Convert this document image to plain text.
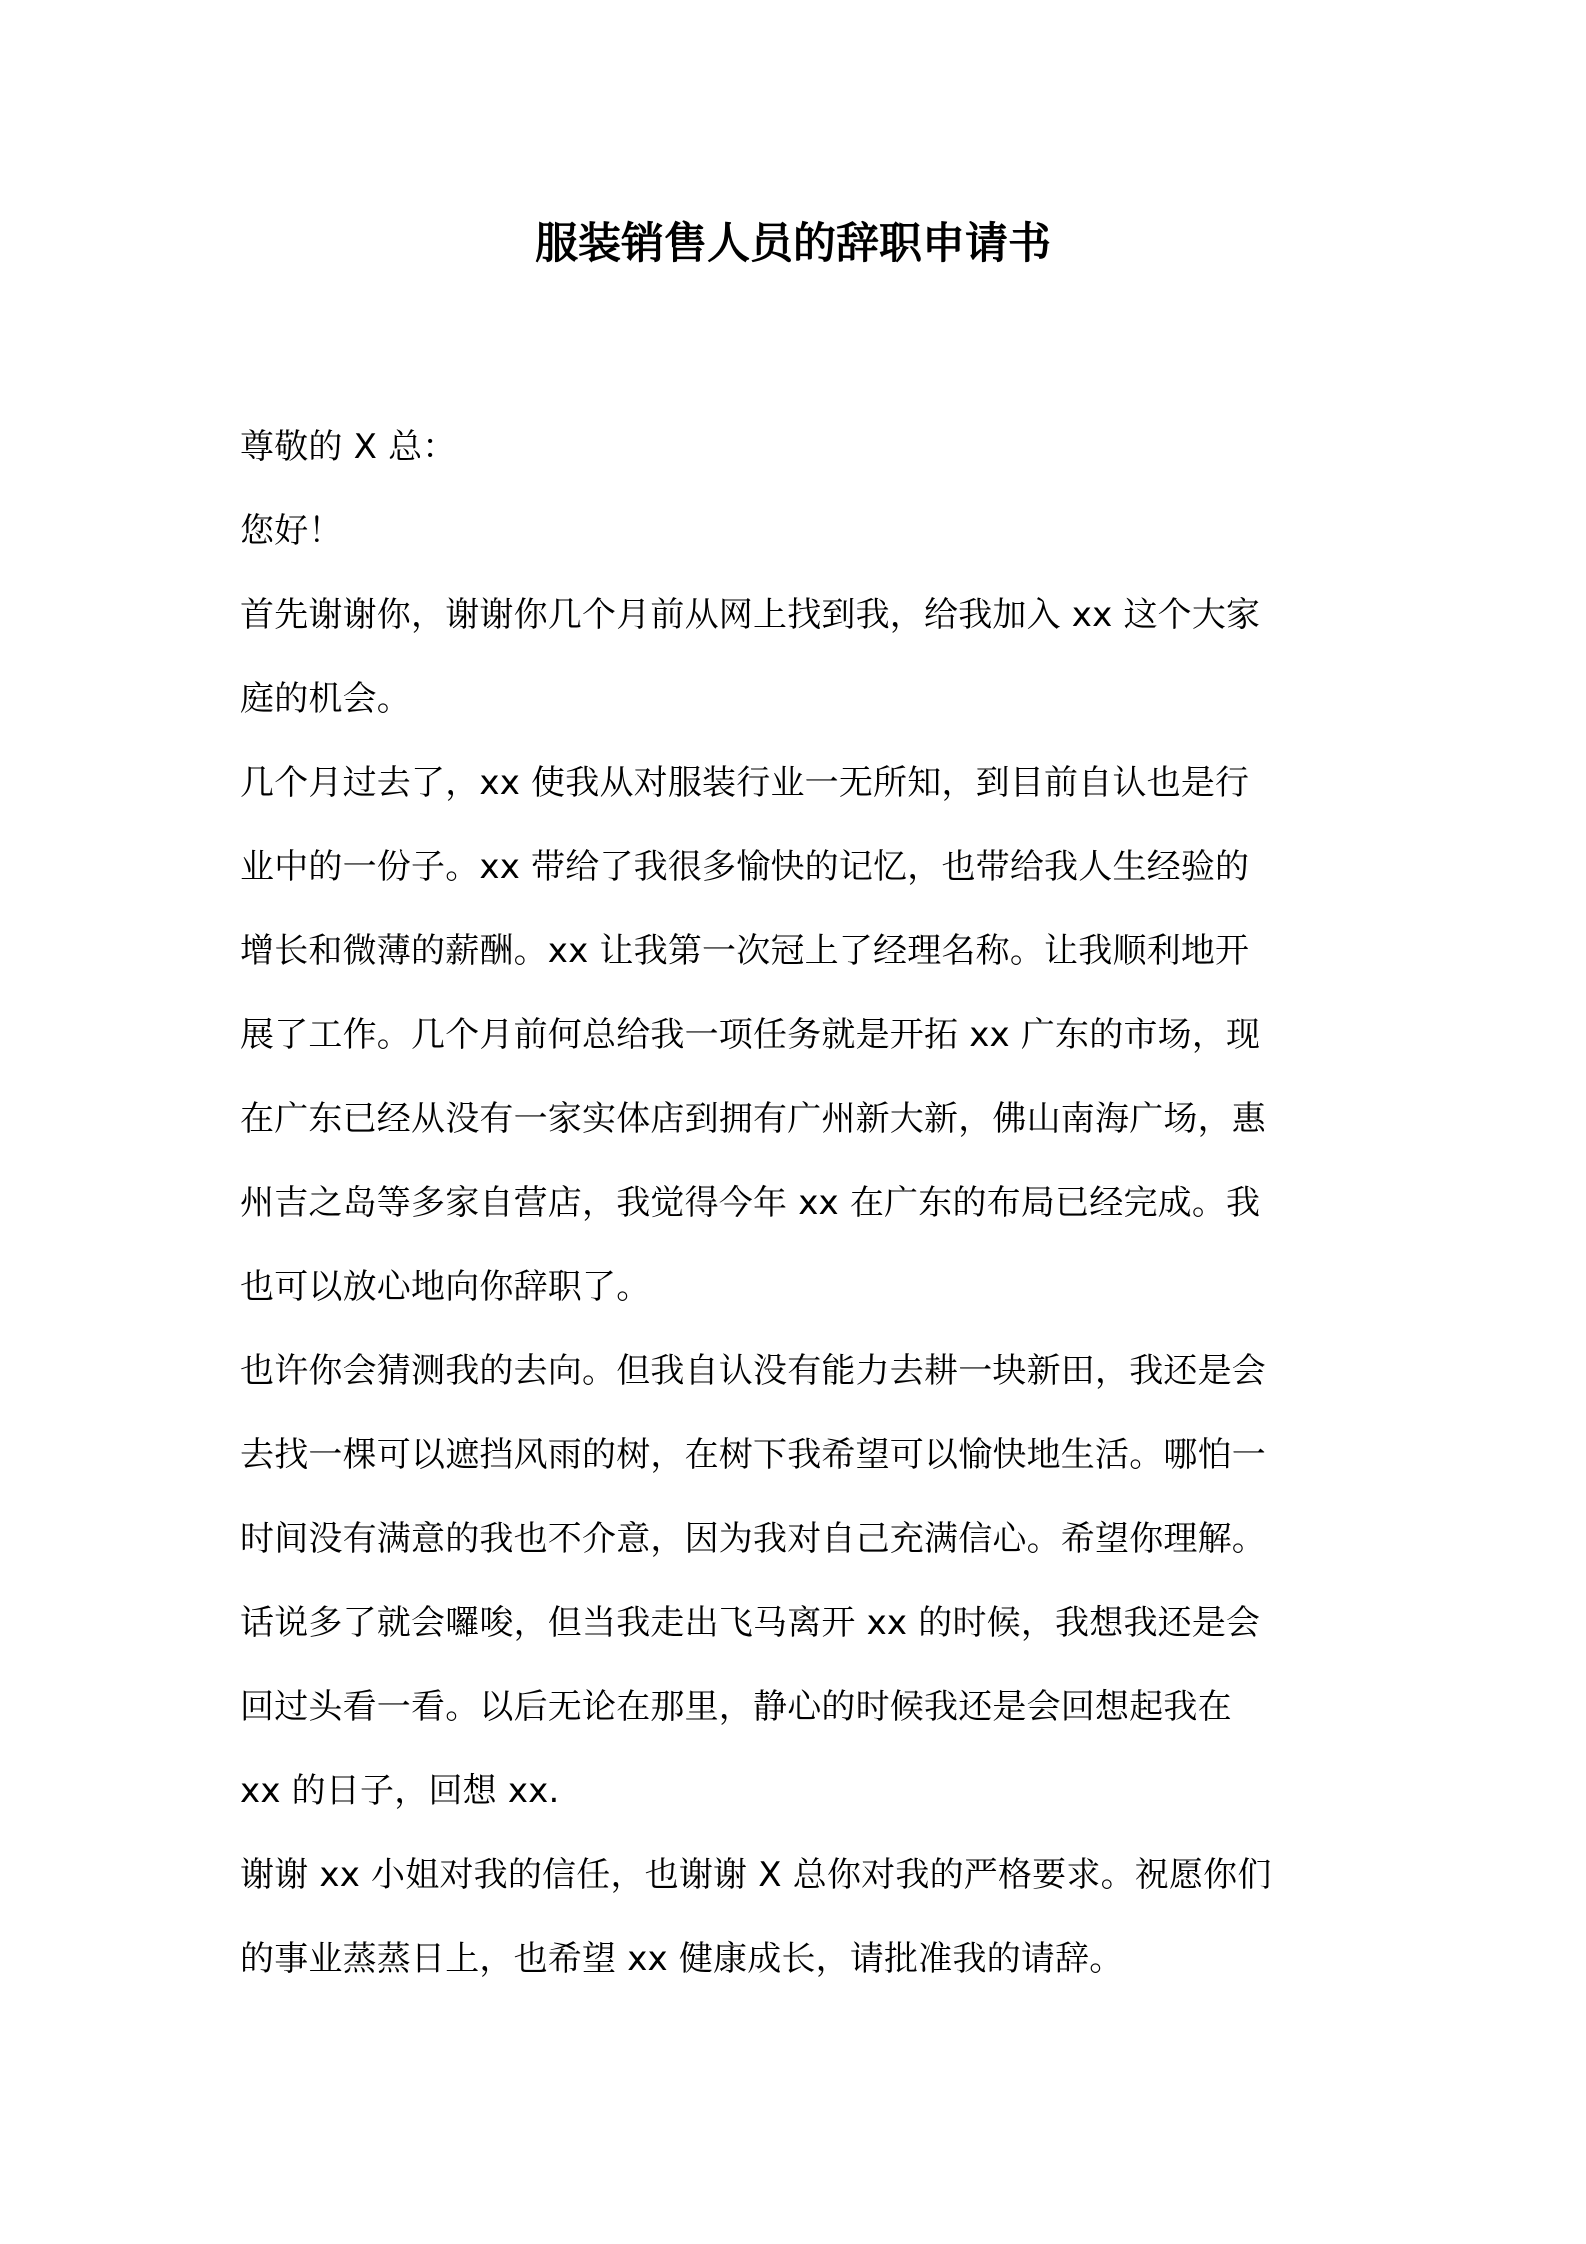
服装销售人员的辞职申请书
尊敬的 X 总：
您好！
首先谢谢你，谢谢你几个月前从网上找到我，给我加入 xx 这个大家
庭的机会。
几个月过去了，xx 使我从对服装行业一无所知，到目前自认也是行
业中的一份子。xx 带给了我很多愉快的记忆，也带给我人生经验的
增长和微薄的薪酬。xx 让我第一次冠上了经理名称。让我顺利地开
展了工作。几个月前何总给我一项任务就是开拓 xx 广东的市场，现
在广东已经从没有一家实体店到拥有广州新大新，佛山南海广场，惠
州吉之岛等多家自营店，我觉得今年 xx 在广东的布局已经完成。我
也可以放心地向你辞职了。
也许你会猜测我的去向。但我自认没有能力去耕一块新田，我还是会
去找一棵可以遮挡风雨的树，在树下我希望可以愉快地生活。哪怕一
时间没有满意的我也不介意，因为我对自己充满信心。希望你理解。
话说多了就会囉唆，但当我走出飞马离开 xx 的时候，我想我还是会
回过头看一看。以后无论在那里，静心的时候我还是会回想起我在
xx 的日子，回想 xx.
谢谢 xx 小姐对我的信任，也谢谢 X 总你对我的严格要求。祝愿你们
的事业蒸蒸日上，也希望 xx 健康成长，请批准我的请辞。
